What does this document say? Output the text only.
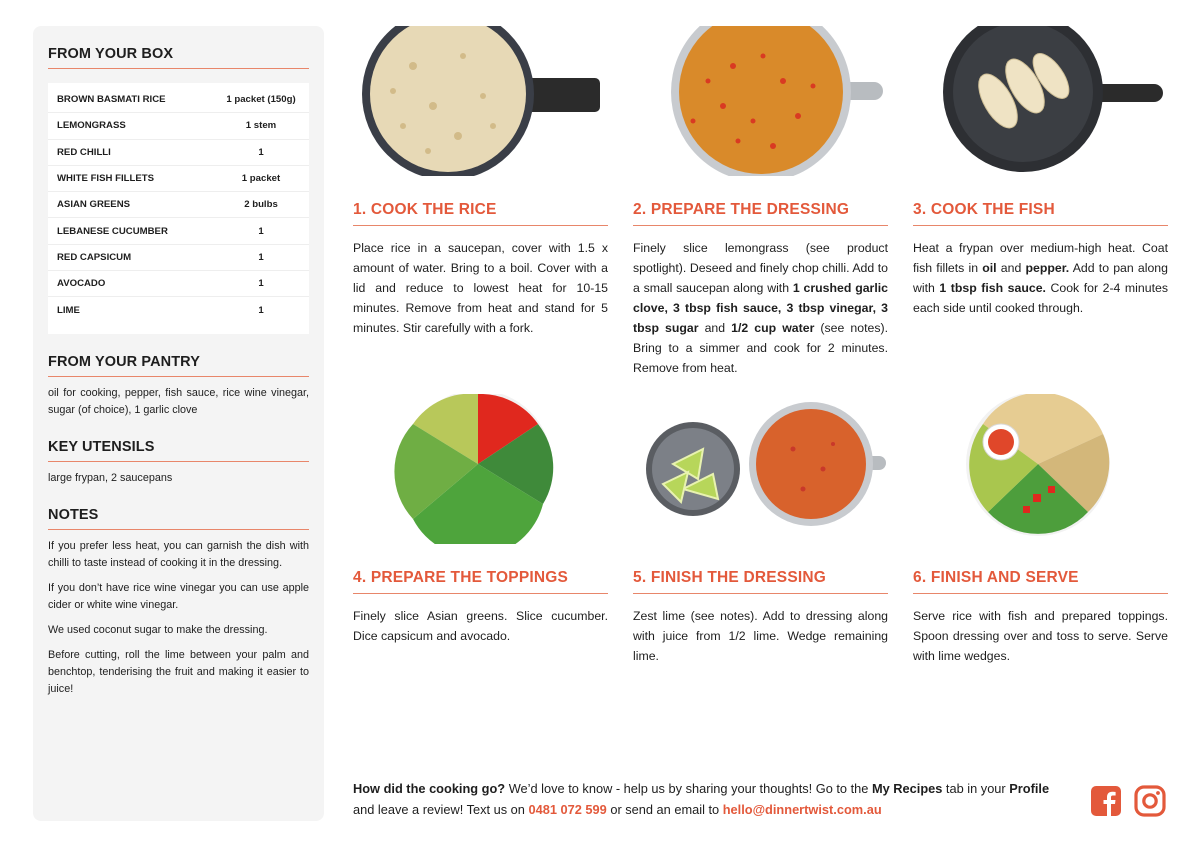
FROM YOUR BOX
BROWN BASMATI RICE	1 packet (150g)
LEMONGRASS	1 stem
RED CHILLI	1
WHITE FISH FILLETS	1 packet
ASIAN GREENS	2 bulbs
LEBANESE CUCUMBER	1
RED CAPSICUM	1
AVOCADO	1
LIME	1
FROM YOUR PANTRY
oil for cooking, pepper, fish sauce, rice wine vinegar, sugar (of choice), 1 garlic clove
KEY UTENSILS
large frypan, 2 saucepans
NOTES
If you prefer less heat, you can garnish the dish with chilli to taste instead of cooking it in the dressing.
If you don’t have rice wine vinegar you can use apple cider or white wine vinegar.
We used coconut sugar to make the dressing.
Before cutting, roll the lime between your palm and benchtop, tenderising the fruit and making it easier to juice!
1. COOK THE RICE
Place rice in a saucepan, cover with 1.5 x amount of water. Bring to a boil. Cover with a lid and reduce to lowest heat for 10-15 minutes. Remove from heat and stand for 5 minutes. Stir carefully with a fork.
2. PREPARE THE DRESSING
Finely slice lemongrass (see product spotlight). Deseed and finely chop chilli. Add to a small saucepan along with 1 crushed garlic clove, 3 tbsp fish sauce, 3 tbsp vinegar, 3 tbsp sugar and 1/2 cup water (see notes). Bring to a simmer and cook for 2 minutes. Remove from heat.
3. COOK THE FISH
Heat a frypan over medium-high heat. Coat fish fillets in oil and pepper. Add to pan along with 1 tbsp fish sauce. Cook for 2-4 minutes each side until cooked through.
4. PREPARE THE TOPPINGS
Finely slice Asian greens. Slice cucumber. Dice capsicum and avocado.
5. FINISH THE DRESSING
Zest lime (see notes). Add to dressing along with juice from 1/2 lime. Wedge remaining lime.
6. FINISH AND SERVE
Serve rice with fish and prepared toppings. Spoon dressing over and toss to serve. Serve with lime wedges.
How did the cooking go? We’d love to know - help us by sharing your thoughts! Go to the My Recipes tab in your Profile and leave a review! Text us on 0481 072 599 or send an email to hello@dinnertwist.com.au
